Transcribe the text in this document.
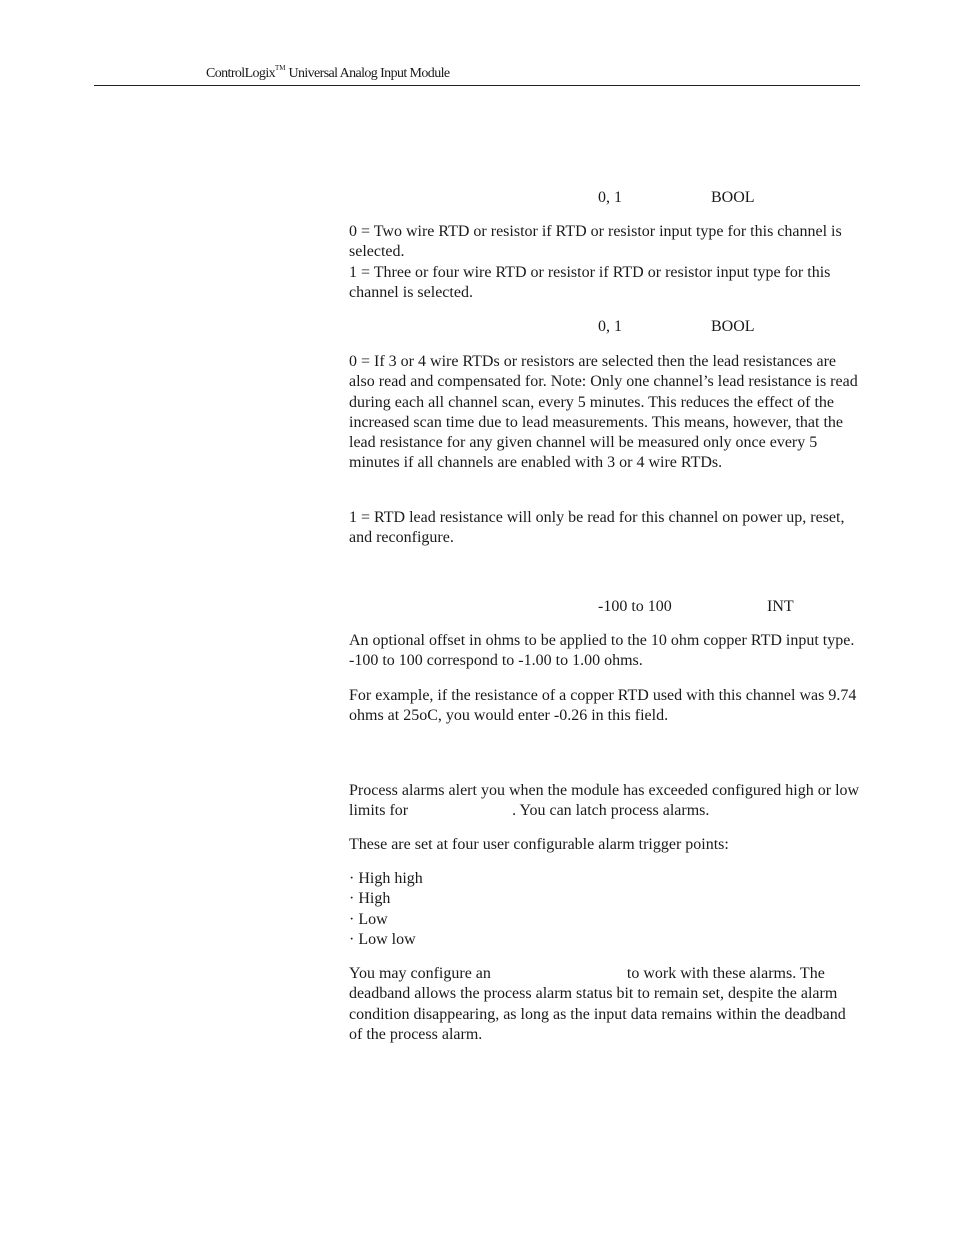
ControlLogix™ Universal Analog Input Module
0, 1	BOOL

0 = Two wire RTD or resistor if RTD or resistor input type for this channel is selected.

1 = Three or four wire RTD or resistor if RTD or resistor input type for this channel is selected.

0, 1	BOOL

0 = If 3 or 4 wire RTDs or resistors are selected then the lead resistances are also read and compensated for. Note: Only one channel’s lead resistance is read during each all channel scan, every 5 minutes. This reduces the effect of the increased scan time due to lead measurements. This means, however, that the lead resistance for any given channel will be measured only once every 5 minutes if all channels are enabled with 3 or 4 wire RTDs.

1 = RTD lead resistance will only be read for this channel on power up, reset, and reconfigure.

-100 to 100	INT

An optional offset in ohms to be applied to the 10 ohm copper RTD input type. -100 to 100 correspond to -1.00 to 1.00 ohms.

For example, if the resistance of a copper RTD used with this channel was 9.74 ohms at 25oC, you would enter -0.26 in this field.

Process alarms alert you when the module has exceeded configured high or low limits for	. You can latch process alarms.

These are set at four user configurable alarm trigger points:

· High high
· High
· Low
· Low low

You may configure an	to work with these alarms. The deadband allows the process alarm status bit to remain set, despite the alarm condition disappearing, as long as the input data remains within the deadband of the process alarm.
